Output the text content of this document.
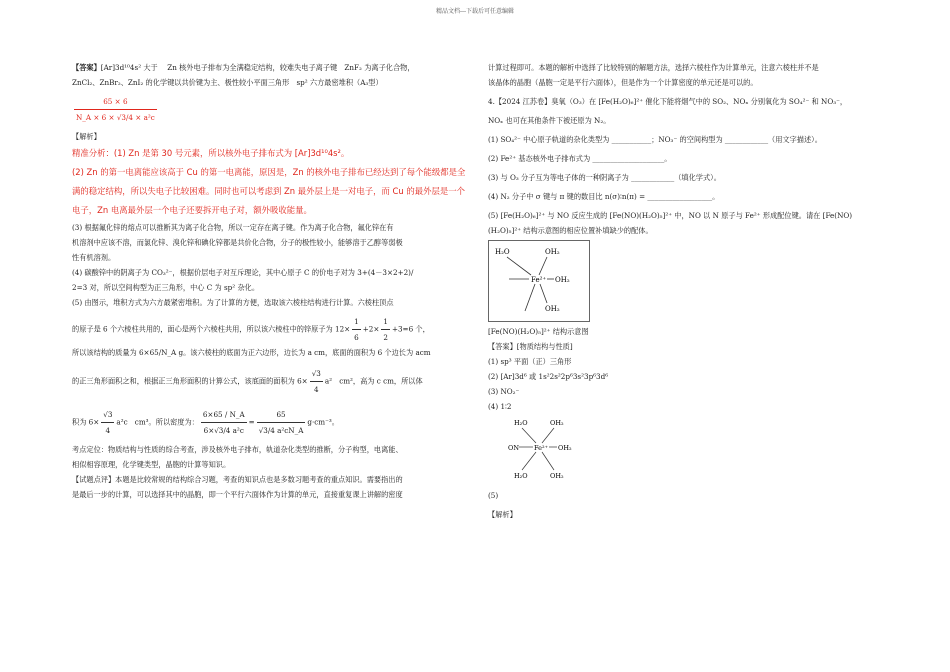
精品文档---下载后可任意编辑

【答案】[Ar]3d¹⁰4s² 大于　 Zn 核外电子排布为全满稳定结构，较难失电子离子键　ZnF₂ 为离子化合物，

ZnCl₂、ZnBr₂、ZnI₂ 的化学键以共价键为主、极性较小平面三角形　sp² 六方最密堆积（A₃型）

$\frac{65 \times 6}{\text{N\_A × 6 × √3/4 × a²c}}$

【解析】

精准分析：(1) Zn 是第 30 号元素，所以核外电子排布式为 [Ar]3d¹⁰4s²。

(2) Zn 的第一电离能应该高于 Cu 的第一电离能，原因是，Zn 的核外电子排布已经达到了每个能级都是全

满的稳定结构，所以失电子比较困难。同时也可以考虑到 Zn 最外层上是一对电子，而 Cu 的最外层是一个

电子，Zn 电离最外层一个电子还要拆开电子对，额外吸收能量。

(3) 根据氟化锌的熔点可以推断其为离子化合物，所以一定存在离子键。作为离子化合物，氟化锌在有

机溶剂中应该不溶，而氯化锌、溴化锌和碘化锌都是共价化合物，分子的极性较小，能够溶于乙醇等弱极

性有机溶剂。

(4) 碳酸锌中的阴离子为 CO₃²⁻，根据价层电子对互斥理论，其中心原子 C 的价电子对为 3+(4－3×2+2)/

2=3 对，所以空间构型为正三角形，中心 C 为 sp² 杂化。

(5) 由图示，堆积方式为六方最紧密堆积。为了计算的方便，选取该六棱柱结构进行计算。六棱柱顶点

的原子是 6 个六棱柱共用的，面心是两个六棱柱共用，所以该六棱柱中的锌原子为 $12\times \frac{1}{6} +2\times \frac{1}{2} +3=6$ 个，

所以该结构的质量为 6×65/N_A g。该六棱柱的底面为正六边形，边长为 a cm，底面的面积为 6 个边长为 acm

的正三角形面积之和，根据正三角形面积的计算公式，该底面的面积为 $6\times \frac{√3}{4} a^2$　cm²，高为 c cm，所以体

积为 $6\times \frac{√3}{4} a^2c$　cm³。所以密度为： $\frac{6\times 65 / N\_A}{\text{6×√3/4 a²c}} = \frac{65}{\text{√3/4 a²cN\_A}} g\cdot cm^{-3}$。

考点定位：物质结构与性质的综合考查，涉及核外电子排布，轨道杂化类型的推断，分子构型，电离能、

相似相容原理，化学键类型，晶胞的计算等知识。

【试题点评】本题是比较常规的结构综合习题，考查的知识点也是多数习题考查的重点知识。需要指出的

是最后一步的计算，可以选择其中的晶胞，即一个平行六面体作为计算的单元，直接重复课上讲解的密度

计算过程即可。本题的解析中选择了比较特别的解题方法，选择六棱柱作为计算单元，注意六棱柱并不是

该晶体的晶胞（晶胞一定是平行六面体），但是作为一个计算密度的单元还是可以的。

4.【2024 江苏卷】臭氧（O₃）在 [Fe(H₂O)₆]²⁺ 催化下能将烟气中的 SO₂、NOₓ 分别氧化为 SO₄²⁻ 和 NO₃⁻，

NOₓ 也可在其他条件下被还原为 N₂。

(1) SO₄²⁻ 中心原子轨道的杂化类型为 ___________；NO₃⁻ 的空间构型为 ____________（用文字描述）。

(2) Fe²⁺ 基态核外电子排布式为 ____________________。

(3) 与 O₃ 分子互为等电子体的一种阴离子为 ____________（填化学式）。

(4) N₂ 分子中 σ 键与 π 键的数目比 n(σ)∶n(π) = __________________。

(5) [Fe(H₂O)₆]²⁺ 与 NO 反应生成的 [Fe(NO)(H₂O)₅]²⁺ 中，NO 以 N 原子与 Fe²⁺ 形成配位键。请在 [Fe(NO)

(H₂O)₅]²⁺ 结构示意图的相应位置补填缺少的配体。

H₂O	OH₂
Fe²⁺ OH₂
OH₂

[Fe(NO)(H₂O)₅]²⁺ 结构示意图

【答案】[物质结构与性质]

(1) sp³ 平面（正）三角形

(2) [Ar]3d⁶ 或 1s²2s²2p⁶3s²3p⁶3d⁶

(3) NO₂⁻

(4) 1∶2

H₂O	OH₂
ON Fe²⁺ OH₂
H₂O	OH₂

(5)

【解析】
